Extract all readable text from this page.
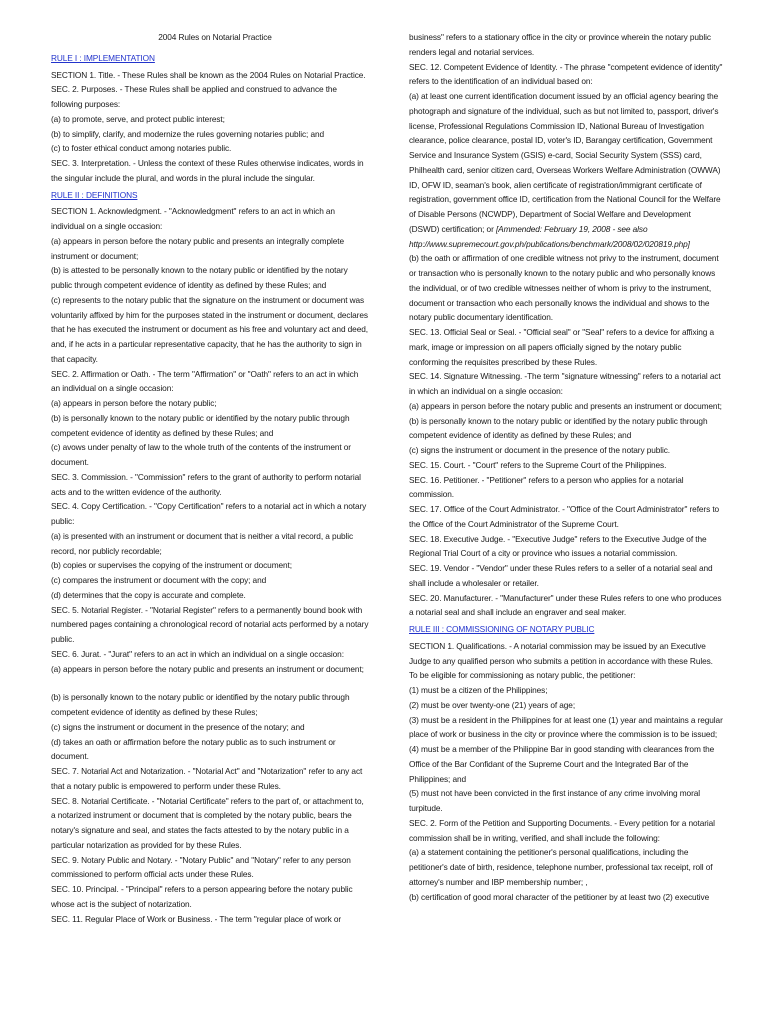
2004 Rules on Notarial Practice
RULE I : IMPLEMENTATION

SECTION 1. Title. - These Rules shall be known as the 2004 Rules on Notarial Practice.

SEC. 2. Purposes. - These Rules shall be applied and construed to advance the following purposes:

(a) to promote, serve, and protect public interest;

(b) to simplify, clarify, and modernize the rules governing notaries public; and

(c) to foster ethical conduct among notaries public.

SEC. 3. Interpretation. - Unless the context of these Rules otherwise indicates, words in the singular include the plural, and words in the plural include the singular.

RULE II : DEFINITIONS

SECTION 1. Acknowledgment. - "Acknowledgment" refers to an act in which an individual on a single occasion:

(a) appears in person before the notary public and presents an integrally complete instrument or document;

(b) is attested to be personally known to the notary public or identified by the notary public through competent evidence of identity as defined by these Rules; and

(c) represents to the notary public that the signature on the instrument or document was voluntarily affixed by him for the purposes stated in the instrument or document, declares that he has executed the instrument or document as his free and voluntary act and deed, and, if he acts in a particular representative capacity, that he has the authority to sign in that capacity.

SEC. 2. Affirmation or Oath. - The term "Affirmation" or "Oath" refers to an act in which an individual on a single occasion:

(a) appears in person before the notary public;

(b) is personally known to the notary public or identified by the notary public through competent evidence of identity as defined by these Rules; and

(c) avows under penalty of law to the whole truth of the contents of the instrument or document.

SEC. 3. Commission. - "Commission" refers to the grant of authority to perform notarial acts and to the written evidence of the authority.

SEC. 4. Copy Certification. - "Copy Certification" refers to a notarial act in which a notary public:

(a) is presented with an instrument or document that is neither a vital record, a public record, nor publicly recordable;

(b) copies or supervises the copying of the instrument or document;

(c) compares the instrument or document with the copy; and

(d) determines that the copy is accurate and complete.

SEC. 5. Notarial Register. - "Notarial Register" refers to a permanently bound book with numbered pages containing a chronological record of notarial acts performed by a notary public.

SEC. 6. Jurat. - "Jurat" refers to an act in which an individual on a single occasion:

(a) appears in person before the notary public and presents an instrument or document;

(b) is personally known to the notary public or identified by the notary public through competent evidence of identity as defined by these Rules;

(c) signs the instrument or document in the presence of the notary; and

(d) takes an oath or affirmation before the notary public as to such instrument or document.

SEC. 7. Notarial Act and Notarization. - "Notarial Act" and "Notarization" refer to any act that a notary public is empowered to perform under these Rules.

SEC. 8. Notarial Certificate. - "Notarial Certificate" refers to the part of, or attachment to, a notarized instrument or document that is completed by the notary public, bears the notary's signature and seal, and states the facts attested to by the notary public in a particular notarization as provided for by these Rules.

SEC. 9. Notary Public and Notary. - "Notary Public" and "Notary" refer to any person commissioned to perform official acts under these Rules.

SEC. 10. Principal. - "Principal" refers to a person appearing before the notary public whose act is the subject of notarization.

SEC. 11. Regular Place of Work or Business. - The term "regular place of work or

business" refers to a stationary office in the city or province wherein the notary public renders legal and notarial services.

SEC. 12. Competent Evidence of Identity. - The phrase "competent evidence of identity" refers to the identification of an individual based on:

(a) at least one current identification document issued by an official agency bearing the photograph and signature of the individual, such as but not limited to, passport, driver's license, Professional Regulations Commission ID, National Bureau of Investigation clearance, police clearance, postal ID, voter's ID, Barangay certification, Government Service and Insurance System (GSIS) e-card, Social Security System (SSS) card, Philhealth card, senior citizen card, Overseas Workers Welfare Administration (OWWA) ID, OFW ID, seaman's book, alien certificate of registration/immigrant certificate of registration, government office ID, certification from the National Council for the Welfare of Disable Persons (NCWDP), Department of Social Welfare and Development (DSWD) certification; or [Ammended: February 19, 2008 - see also http://www.supremecourt.gov.ph/publications/benchmark/2008/02/020819.php]

(b) the oath or affirmation of one credible witness not privy to the instrument, document or transaction who is personally known to the notary public and who personally knows the individual, or of two credible witnesses neither of whom is privy to the instrument, document or transaction who each personally knows the individual and shows to the notary public documentary identification.

SEC. 13. Official Seal or Seal. - "Official seal" or "Seal" refers to a device for affixing a mark, image or impression on all papers officially signed by the notary public conforming the requisites prescribed by these Rules.

SEC. 14. Signature Witnessing. -The term "signature witnessing" refers to a notarial act in which an individual on a single occasion:

(a) appears in person before the notary public and presents an instrument or document;

(b) is personally known to the notary public or identified by the notary public through competent evidence of identity as defined by these Rules; and

(c) signs the instrument or document in the presence of the notary public.

SEC. 15. Court. - "Court" refers to the Supreme Court of the Philippines.

SEC. 16. Petitioner. - "Petitioner" refers to a person who applies for a notarial commission.

SEC. 17. Office of the Court Administrator. - "Office of the Court Administrator" refers to the Office of the Court Administrator of the Supreme Court.

SEC. 18. Executive Judge. - "Executive Judge" refers to the Executive Judge of the Regional Trial Court of a city or province who issues a notarial commission.

SEC. 19. Vendor - "Vendor" under these Rules refers to a seller of a notarial seal and shall include a wholesaler or retailer.

SEC. 20. Manufacturer. - "Manufacturer" under these Rules refers to one who produces a notarial seal and shall include an engraver and seal maker.

RULE III : COMMISSIONING OF NOTARY PUBLIC

SECTION 1. Qualifications. - A notarial commission may be issued by an Executive Judge to any qualified person who submits a petition in accordance with these Rules.

To be eligible for commissioning as notary public, the petitioner:

(1) must be a citizen of the Philippines;

(2) must be over twenty-one (21) years of age;

(3) must be a resident in the Philippines for at least one (1) year and maintains a regular place of work or business in the city or province where the commission is to be issued;

(4) must be a member of the Philippine Bar in good standing with clearances from the Office of the Bar Confidant of the Supreme Court and the Integrated Bar of the Philippines; and

(5) must not have been convicted in the first instance of any crime involving moral turpitude.

SEC. 2. Form of the Petition and Supporting Documents. - Every petition for a notarial commission shall be in writing, verified, and shall include the following:

(a) a statement containing the petitioner's personal qualifications, including the petitioner's date of birth, residence, telephone number, professional tax receipt, roll of attorney's number and IBP membership number; ,

(b) certification of good moral character of the petitioner by at least two (2) executive
